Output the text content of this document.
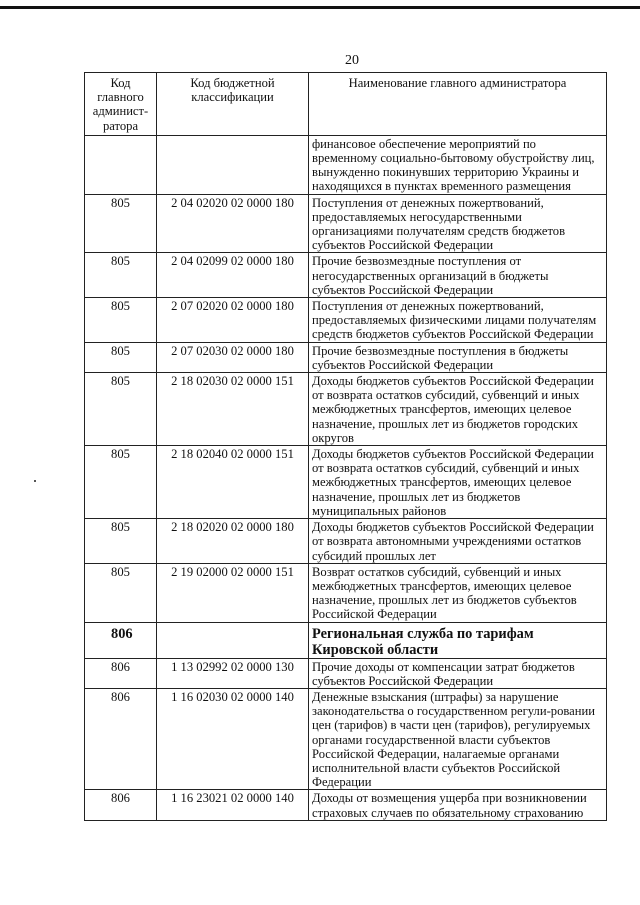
20
Код главного админист-ратора	Код бюджетной классификации	Наименование главного администратора
		финансовое обеспечение мероприятий по временному социально-бытовому обустройству лиц, вынужденно покинувших территорию Украины и находящихся в пунктах временного размещения
805	2 04 02020 02 0000 180	Поступления от денежных пожертвований, предоставляемых негосударственными организациями получателям средств бюджетов субъектов Российской Федерации
805	2 04 02099 02 0000 180	Прочие безвозмездные поступления от негосударственных организаций в бюджеты субъектов Российской Федерации
805	2 07 02020 02 0000 180	Поступления от денежных пожертвований, предоставляемых физическими лицами получателям средств бюджетов субъектов Российской Федерации
805	2 07 02030 02 0000 180	Прочие безвозмездные поступления в бюджеты субъектов Российской Федерации
805	2 18 02030 02 0000 151	Доходы бюджетов субъектов Российской Федерации от возврата остатков субсидий, субвенций и иных межбюджетных трансфертов, имеющих целевое назначение, прошлых лет из бюджетов городских округов
805	2 18 02040 02 0000 151	Доходы бюджетов субъектов Российской Федерации от возврата остатков субсидий, субвенций и иных межбюджетных трансфертов, имеющих целевое назначение, прошлых лет из бюджетов муниципальных районов
805	2 18 02020 02 0000 180	Доходы бюджетов субъектов Российской Федерации от возврата автономными учреждениями остатков субсидий прошлых лет
805	2 19 02000 02 0000 151	Возврат остатков субсидий, субвенций и иных межбюджетных трансфертов, имеющих целевое назначение, прошлых лет из бюджетов субъектов Российской Федерации
806		Региональная служба по тарифам Кировской области
806	1 13 02992 02 0000 130	Прочие доходы от компенсации затрат бюджетов субъектов Российской Федерации
806	1 16 02030 02 0000 140	Денежные взыскания (штрафы) за нарушение законодательства о государственном регули-ровании цен (тарифов) в части цен (тарифов), регулируемых органами государственной власти субъектов Российской Федерации, налагаемые органами исполнительной власти субъектов Российской Федерации
806	1 16 23021 02 0000 140	Доходы от возмещения ущерба при возникновении страховых случаев по обязательному страхованию
